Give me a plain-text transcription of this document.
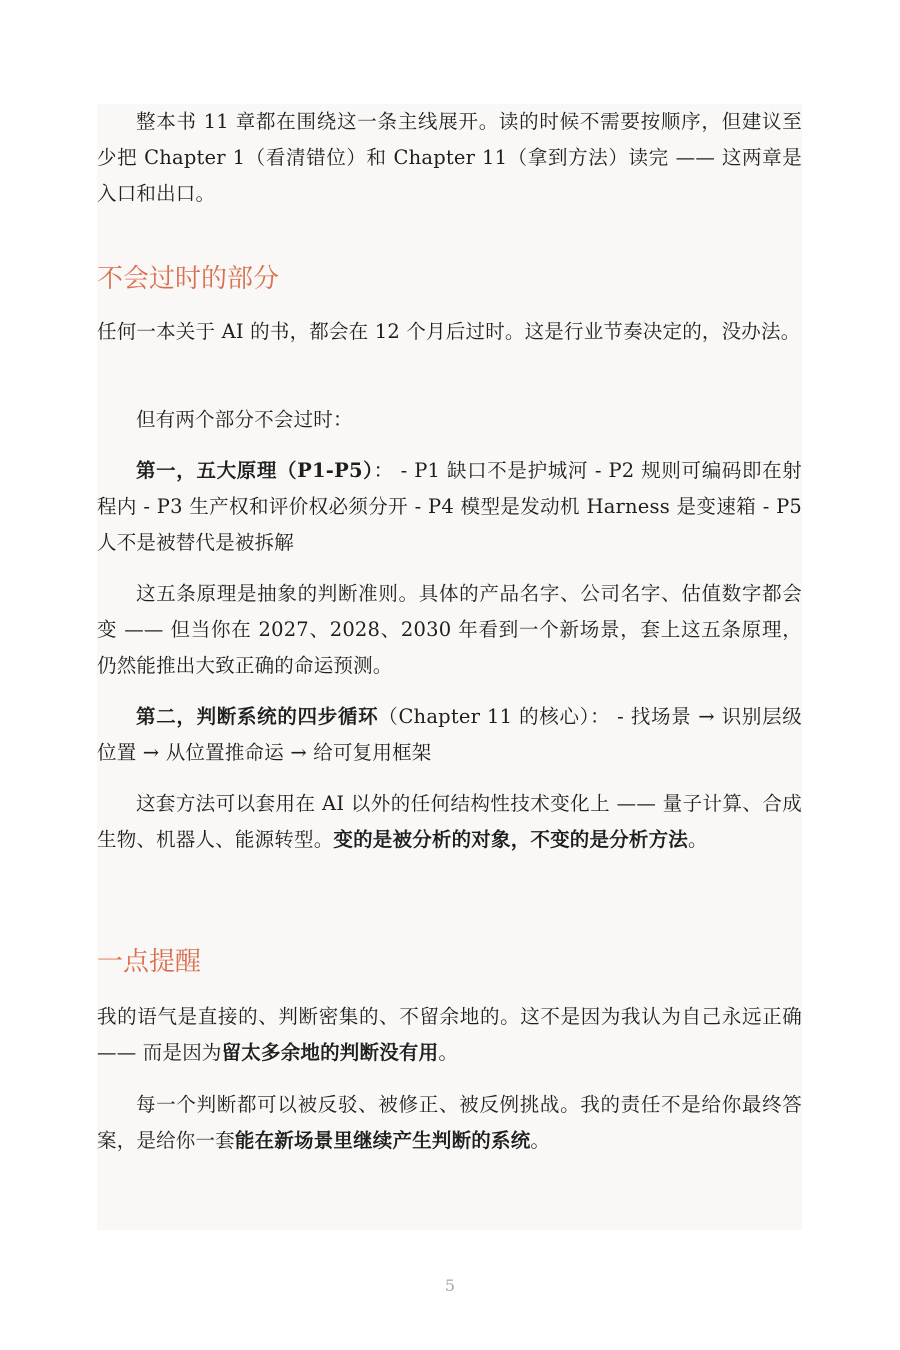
整本书 11 章都在围绕这一条主线展开。读的时候不需要按顺序，但建议至少把 Chapter 1（看清错位）和 Chapter 11（拿到方法）读完 —— 这两章是入口和出口。

不会过时的部分

任何一本关于 AI 的书，都会在 12 个月后过时。这是行业节奏决定的，没办法。

但有两个部分不会过时：

第一，五大原理（P1-P5）： - P1 缺口不是护城河 - P2 规则可编码即在射程内 - P3 生产权和评价权必须分开 - P4 模型是发动机 Harness 是变速箱 - P5 人不是被替代是被拆解

这五条原理是抽象的判断准则。具体的产品名字、公司名字、估值数字都会变 —— 但当你在 2027、2028、2030 年看到一个新场景，套上这五条原理，仍然能推出大致正确的命运预测。

第二，判断系统的四步循环（Chapter 11 的核心）： - 找场景 → 识别层级位置 → 从位置推命运 → 给可复用框架

这套方法可以套用在 AI 以外的任何结构性技术变化上 —— 量子计算、合成生物、机器人、能源转型。变的是被分析的对象，不变的是分析方法。

一点提醒

我的语气是直接的、判断密集的、不留余地的。这不是因为我认为自己永远正确 —— 而是因为留太多余地的判断没有用。

每一个判断都可以被反驳、被修正、被反例挑战。我的责任不是给你最终答案，是给你一套能在新场景里继续产生判断的系统。

5
